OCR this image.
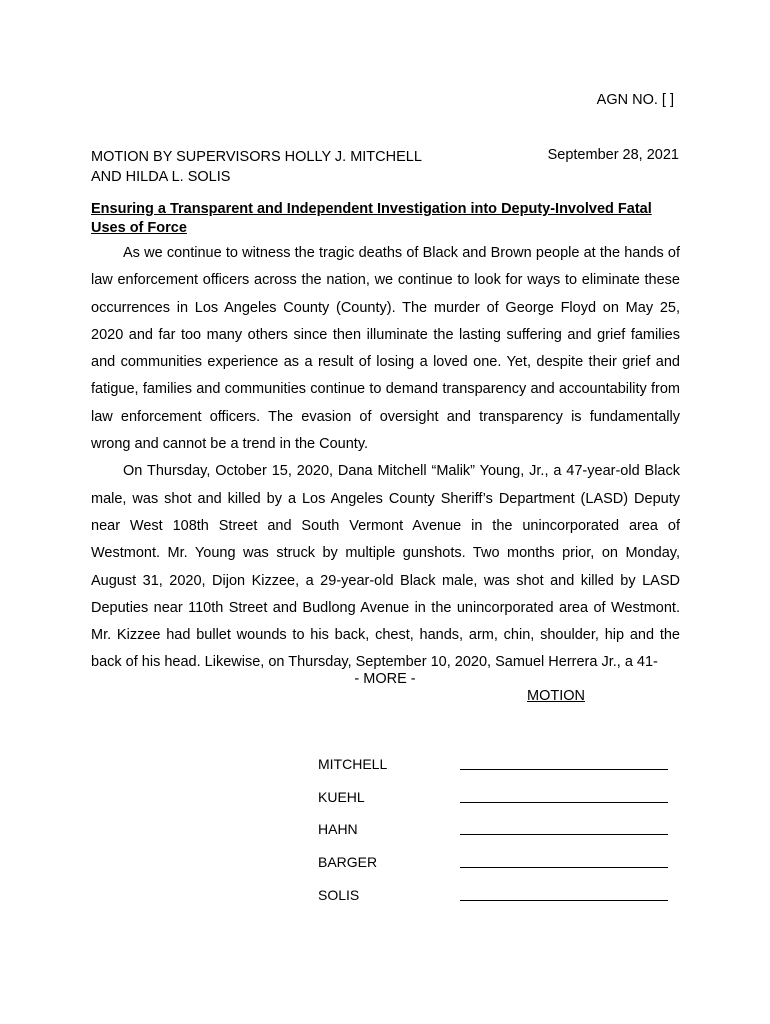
AGN NO. [ ]
MOTION BY SUPERVISORS HOLLY J. MITCHELL
AND HILDA L. SOLIS
September 28, 2021
Ensuring a Transparent and Independent Investigation into Deputy-Involved Fatal Uses of Force

As we continue to witness the tragic deaths of Black and Brown people at the hands of law enforcement officers across the nation, we continue to look for ways to eliminate these occurrences in Los Angeles County (County). The murder of George Floyd on May 25, 2020 and far too many others since then illuminate the lasting suffering and grief families and communities experience as a result of losing a loved one. Yet, despite their grief and fatigue, families and communities continue to demand transparency and accountability from law enforcement officers. The evasion of oversight and transparency is fundamentally wrong and cannot be a trend in the County.

On Thursday, October 15, 2020, Dana Mitchell “Malik” Young, Jr., a 47-year-old Black male, was shot and killed by a Los Angeles County Sheriff’s Department (LASD) Deputy near West 108th Street and South Vermont Avenue in the unincorporated area of Westmont. Mr. Young was struck by multiple gunshots. Two months prior, on Monday, August 31, 2020, Dijon Kizzee, a 29-year-old Black male, was shot and killed by LASD Deputies near 110th Street and Budlong Avenue in the unincorporated area of Westmont. Mr. Kizzee had bullet wounds to his back, chest, hands, arm, chin, shoulder, hip and the back of his head. Likewise, on Thursday, September 10, 2020, Samuel Herrera Jr., a 41-

- MORE -
MOTION
MITCHELL
KUEHL
HAHN
BARGER
SOLIS
